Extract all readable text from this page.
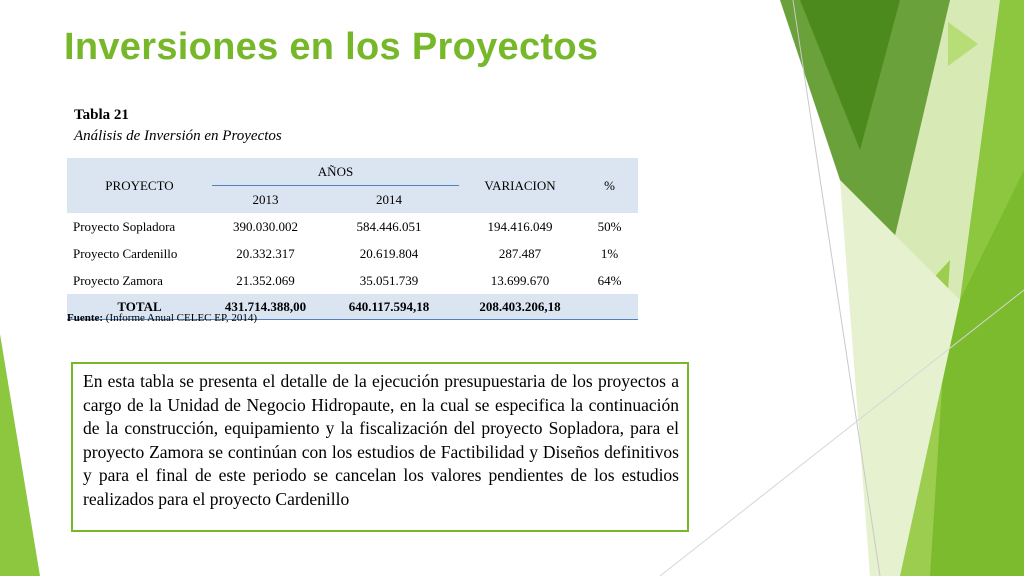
Inversiones en los Proyectos
Tabla 21
Análisis de Inversión en Proyectos
PROYECTO	AÑOS		VARIACION	%
	2013	2014		
Proyecto Sopladora	390.030.002	584.446.051	194.416.049	50%
Proyecto Cardenillo	20.332.317	20.619.804	287.487	1%
Proyecto Zamora	21.352.069	35.051.739	13.699.670	64%
TOTAL	431.714.388,00	640.117.594,18	208.403.206,18	
Fuente: (Informe Anual CELEC EP, 2014)
En esta tabla se presenta el detalle de la ejecución presupuestaria de los proyectos a cargo de la Unidad de Negocio Hidropaute, en la cual se especifica la continuación de la construcción, equipamiento y la fiscalización del proyecto Sopladora, para el proyecto Zamora se continúan con los estudios de Factibilidad y Diseños definitivos y para el final de este periodo se cancelan los valores pendientes de los estudios realizados para el proyecto Cardenillo
